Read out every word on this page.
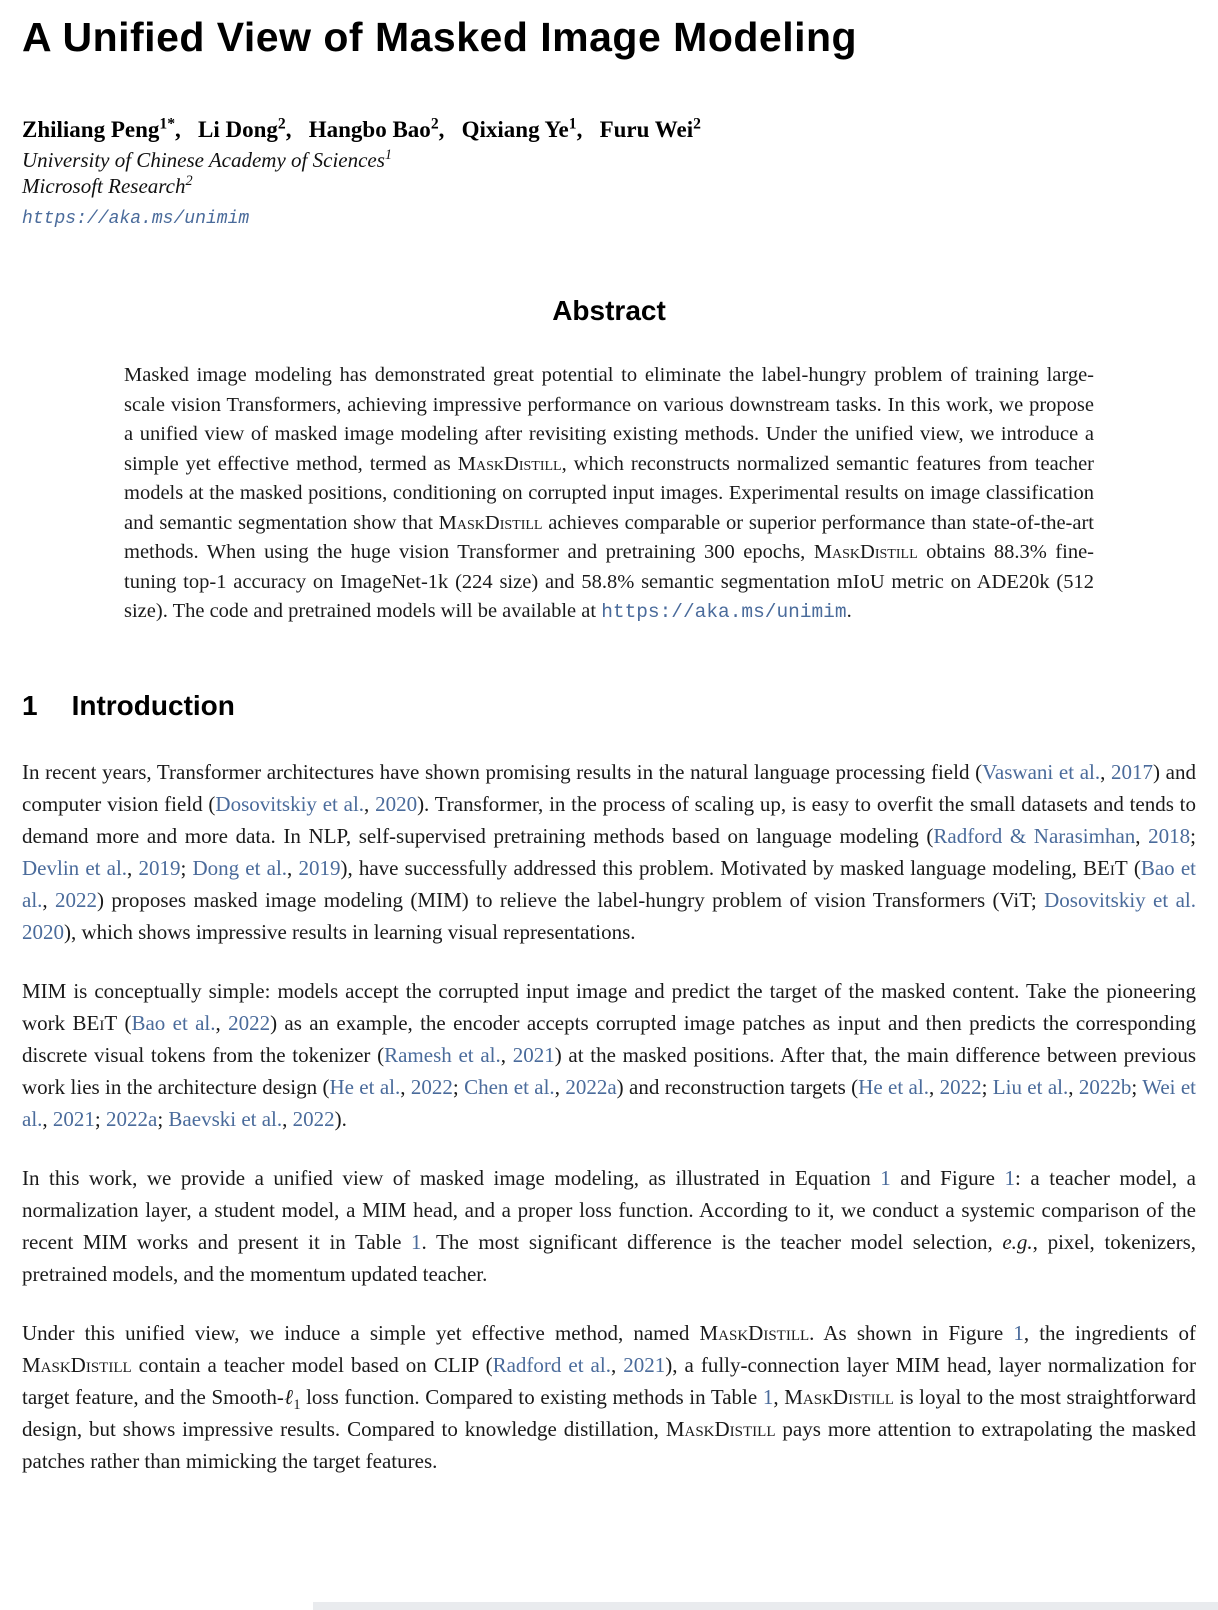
A Unified View of Masked Image Modeling

Zhiliang Peng$^{1*}$,  Li Dong$^2$,  Hangbo Bao$^2$,  Qixiang Ye$^1$,  Furu Wei$^2$

University of Chinese Academy of Sciences$^1$

Microsoft Research$^2$

https://aka.ms/unimim

Abstract
Masked image modeling has demonstrated great potential to eliminate the label-hungry problem of training large-scale vision Transformers, achieving impressive performance on various downstream tasks. In this work, we propose a unified view of masked image modeling after revisiting existing methods. Under the unified view, we introduce a simple yet effective method, termed as MaskDistill, which reconstructs normalized semantic features from teacher models at the masked positions, conditioning on corrupted input images. Experimental results on image classification and semantic segmentation show that MaskDistill achieves comparable or superior performance than state-of-the-art methods. When using the huge vision Transformer and pretraining 300 epochs, MaskDistill obtains 88.3% fine-tuning top-1 accuracy on ImageNet-1k (224 size) and 58.8% semantic segmentation mIoU metric on ADE20k (512 size). The code and pretrained models will be available at https://aka.ms/unimim.
1 Introduction

In recent years, Transformer architectures have shown promising results in the natural language processing field (Vaswani et al., 2017) and computer vision field (Dosovitskiy et al., 2020). Transformer, in the process of scaling up, is easy to overfit the small datasets and tends to demand more and more data. In NLP, self-supervised pretraining methods based on language modeling (Radford & Narasimhan, 2018; Devlin et al., 2019; Dong et al., 2019), have successfully addressed this problem. Motivated by masked language modeling, BEiT (Bao et al., 2022) proposes masked image modeling (MIM) to relieve the label-hungry problem of vision Transformers (ViT; Dosovitskiy et al. 2020), which shows impressive results in learning visual representations.

MIM is conceptually simple: models accept the corrupted input image and predict the target of the masked content. Take the pioneering work BEiT (Bao et al., 2022) as an example, the encoder accepts corrupted image patches as input and then predicts the corresponding discrete visual tokens from the tokenizer (Ramesh et al., 2021) at the masked positions. After that, the main difference between previous work lies in the architecture design (He et al., 2022; Chen et al., 2022a) and reconstruction targets (He et al., 2022; Liu et al., 2022b; Wei et al., 2021; 2022a; Baevski et al., 2022).

In this work, we provide a unified view of masked image modeling, as illustrated in Equation 1 and Figure 1: a teacher model, a normalization layer, a student model, a MIM head, and a proper loss function. According to it, we conduct a systemic comparison of the recent MIM works and present it in Table 1. The most significant difference is the teacher model selection, e.g., pixel, tokenizers, pretrained models, and the momentum updated teacher.

Under this unified view, we induce a simple yet effective method, named MaskDistill. As shown in Figure 1, the ingredients of MaskDistill contain a teacher model based on CLIP (Radford et al., 2021), a fully-connection layer MIM head, layer normalization for target feature, and the Smooth-ℓ$_1$ loss function. Compared to existing methods in Table 1, MaskDistill is loyal to the most straightforward design, but shows impressive results. Compared to knowledge distillation, MaskDistill pays more attention to extrapolating the masked patches rather than mimicking the target features.
